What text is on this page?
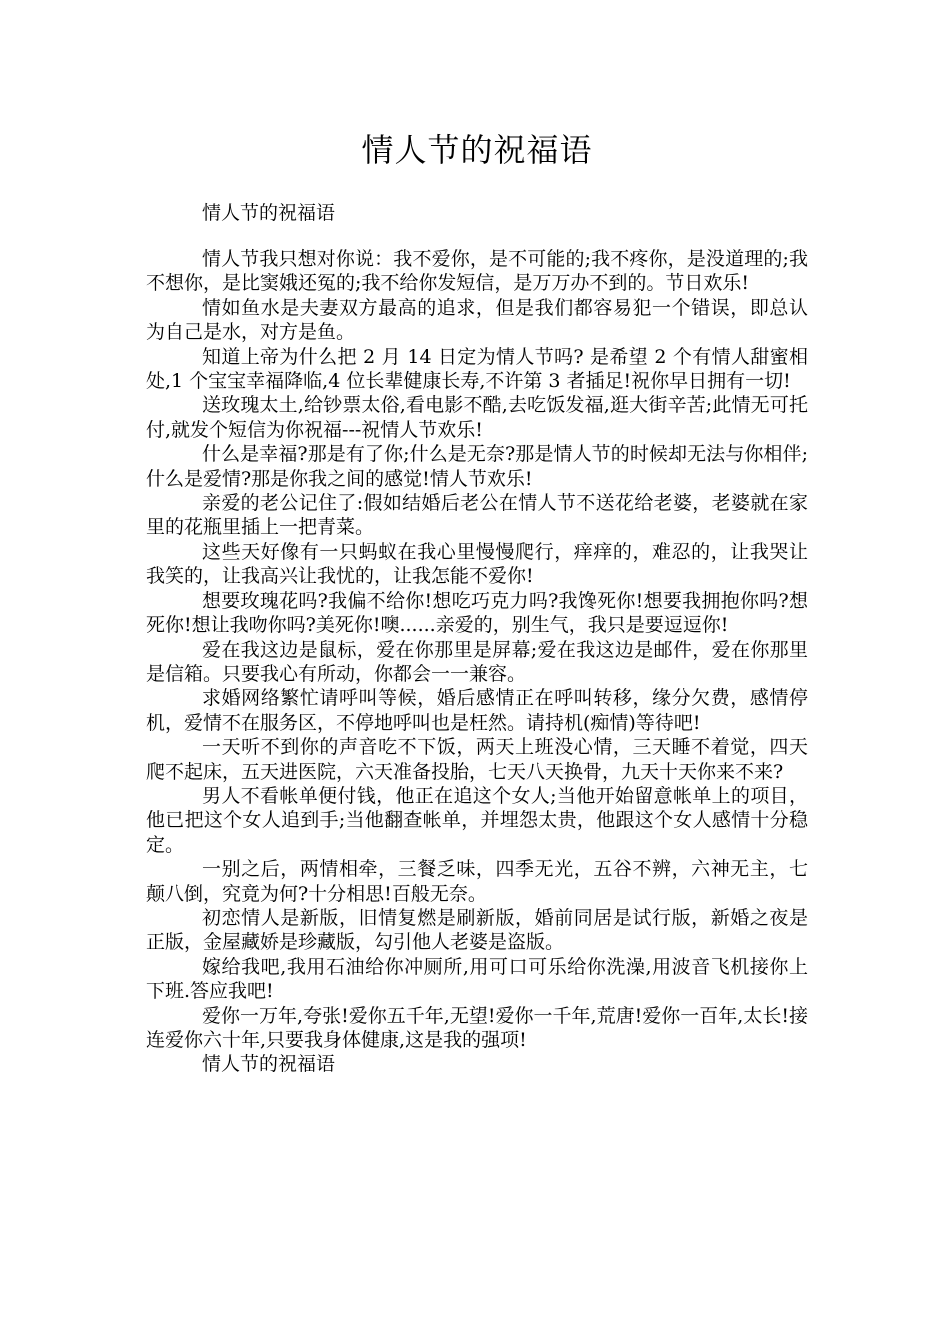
情人节的祝福语

情人节的祝福语

情人节我只想对你说：我不爱你，是不可能的;我不疼你，是没道理的;我不想你，是比窦娥还冤的;我不给你发短信，是万万办不到的。节日欢乐!

情如鱼水是夫妻双方最高的追求，但是我们都容易犯一个错误，即总认为自己是水，对方是鱼。

知道上帝为什么把 2 月 14 日定为情人节吗? 是希望 2 个有情人甜蜜相处,1 个宝宝幸福降临,4 位长辈健康长寿,不许第 3 者插足!祝你早日拥有一切!

送玫瑰太土,给钞票太俗,看电影不酷,去吃饭发福,逛大街辛苦;此情无可托付,就发个短信为你祝福---祝情人节欢乐!

什么是幸福?那是有了你;什么是无奈?那是情人节的时候却无法与你相伴;什么是爱情?那是你我之间的感觉!情人节欢乐!

亲爱的老公记住了:假如结婚后老公在情人节不送花给老婆，老婆就在家里的花瓶里插上一把青菜。

这些天好像有一只蚂蚁在我心里慢慢爬行，痒痒的，难忍的，让我哭让我笑的，让我高兴让我忧的，让我怎能不爱你!

想要玫瑰花吗?我偏不给你!想吃巧克力吗?我馋死你!想要我拥抱你吗?想死你!想让我吻你吗?美死你!噢......亲爱的，别生气，我只是要逗逗你!

爱在我这边是鼠标，爱在你那里是屏幕;爱在我这边是邮件，爱在你那里是信箱。只要我心有所动，你都会一一兼容。

求婚网络繁忙请呼叫等候，婚后感情正在呼叫转移，缘分欠费，感情停机，爱情不在服务区，不停地呼叫也是枉然。请持机(痴情)等待吧!

一天听不到你的声音吃不下饭，两天上班没心情，三天睡不着觉，四天爬不起床，五天进医院，六天准备投胎，七天八天换骨，九天十天你来不来?

男人不看帐单便付钱，他正在追这个女人;当他开始留意帐单上的项目，他已把这个女人追到手;当他翻查帐单，并埋怨太贵，他跟这个女人感情十分稳定。

一别之后，两情相牵，三餐乏味，四季无光，五谷不辨，六神无主，七颠八倒，究竟为何?十分相思!百般无奈。

初恋情人是新版，旧情复燃是刷新版，婚前同居是试行版，新婚之夜是正版，金屋藏娇是珍藏版，勾引他人老婆是盗版。

嫁给我吧,我用石油给你冲厕所,用可口可乐给你洗澡,用波音飞机接你上下班.答应我吧!

爱你一万年,夸张!爱你五千年,无望!爱你一千年,荒唐!爱你一百年,太长!接连爱你六十年,只要我身体健康,这是我的强项!

情人节的祝福语
